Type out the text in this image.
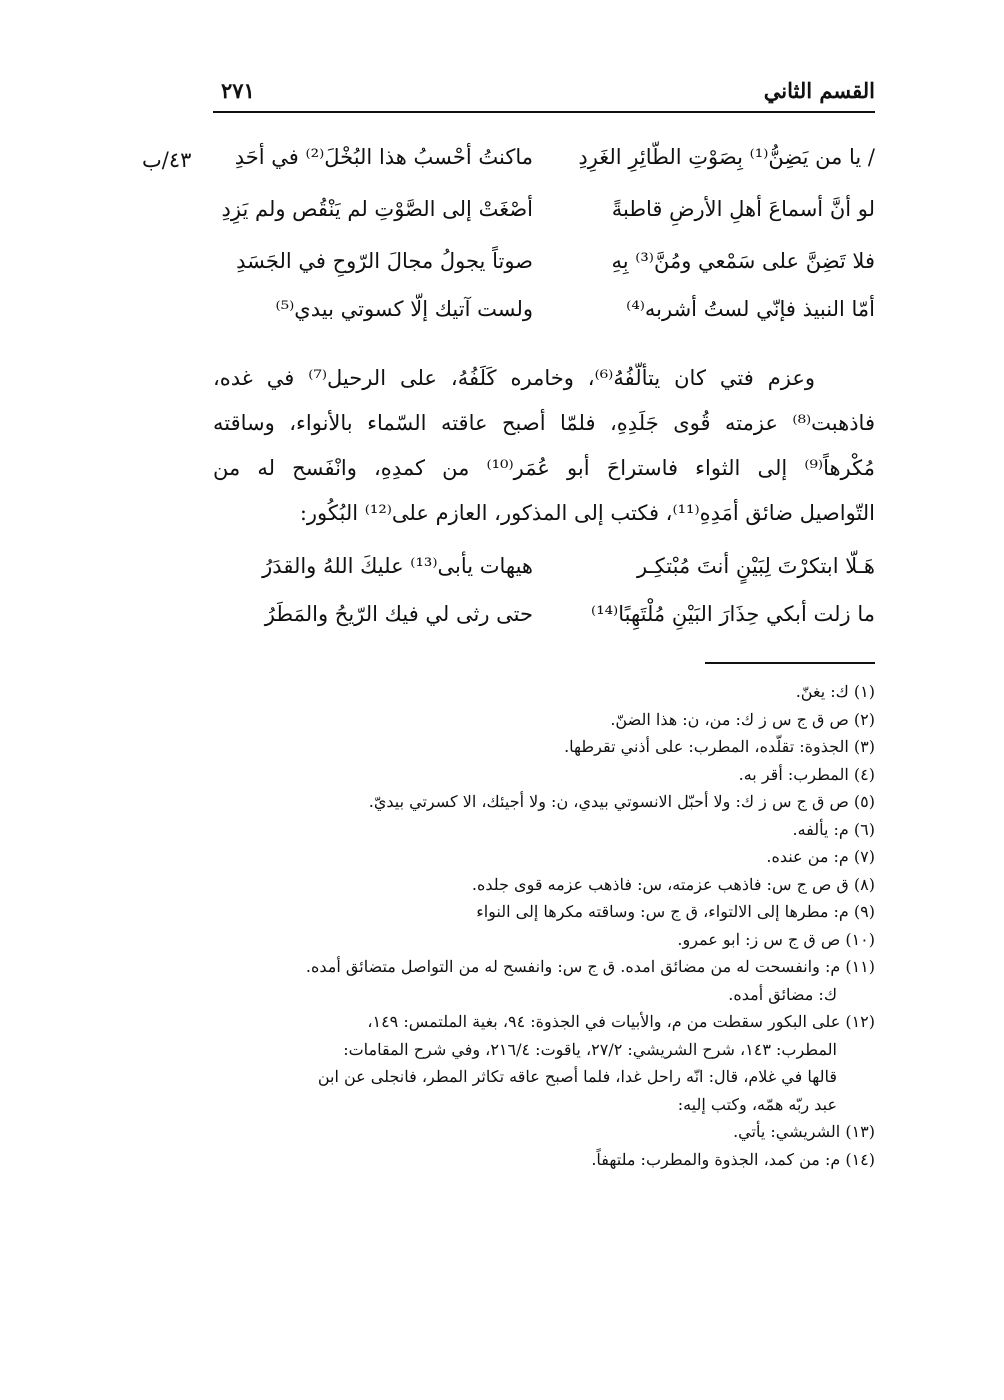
القسم الثاني
٢٧١
٤٣/ب	/ يا من يَضِنُّ⁽¹⁾ بِصَوْتِ الطّائِرِ الغَرِدِ
ماكنتُ أحْسبُ هذا البُخْلَ⁽²⁾ في أحَدِ
لو أنَّ أسماعَ أهلِ الأرضِ قاطبةً
أصْغَتْ إلى الصَّوْتِ لم يَنْقُص ولم يَزِدِ
فلا تَضِنَّ على سَمْعي ومُنَّ⁽³⁾ بِهِ
صوتاً يجولُ مجالَ الرّوحِ في الجَسَدِ
أمّا النبيذ فإنّي لستُ أشربه⁽⁴⁾
ولست آتيك إلّا كسوتي بيدي⁽⁵⁾
وعزم فتي كان يتألّفُهُ⁽⁶⁾، وخامره كَلَفُهُ، على الرحيل⁽⁷⁾ في غده،
فاذهبت⁽⁸⁾ عزمته قُوى جَلَدِهِ، فلمّا أصبح عاقته السّماء بالأنواء، وساقته
مُكْرهاً⁽⁹⁾ إلى الثواء فاستراحَ أبو عُمَر⁽¹⁰⁾ من كمدِهِ، وانْفَسح له من
التّواصيل ضائق أمَدِهِ⁽¹¹⁾، فكتب إلى المذكور، العازم على⁽¹²⁾ البُكُور:
هَـلّا ابتكرْتَ لِبَيْنٍ أنتَ مُبْتكِـر
هيهات يأبى⁽¹³⁾ عليكَ اللهُ والقدَرُ
ما زلت أبكي حِذَارَ البَيْنِ مُلْتَهِبًا⁽¹⁴⁾
حتى رثى لي فيك الرّيحُ والمَطَرُ
(١) ك: يغنّ.
(٢) ص ق ج س ز ك: من، ن: هذا الضنّ.
(٣) الجذوة: تقلّده، المطرب: على أذني تقرطها.
(٤) المطرب: أقر به.
(٥) ص ق ج س ز ك: ولا أحبّل الانسوتي بيدي، ن: ولا أجيئك، الا كسرتي بيديّ.
(٦) م: يألفه.
(٧) م: من عنده.
(٨) ق ص ج س: فاذهب عزمته، س: فاذهب عزمه قوى جلده.
(٩) م: مطرها إلى الالتواء، ق ج س: وساقته مكرها إلى النواء
(١٠) ص ق ج س ز: ابو عمرو.
(١١) م: وانفسحت له من مضائق امده. ق ج س: وانفسح له من التواصل متضائق أمده.
ك: مضائق أمده.
(١٢) على البكور سقطت من م، والأبيات في الجذوة: ٩٤، بغية الملتمس: ١٤٩،
المطرب: ١٤٣، شرح الشريشي: ٢٧/٢، ياقوت: ٢١٦/٤، وفي شرح المقامات:
قالها في غلام، قال: انّه راحل غدا، فلما أصبح عاقه تكاثر المطر، فانجلى عن ابن
عبد ربّه همّه، وكتب إليه:
(١٣) الشريشي: يأتي.
(١٤) م: من كمد، الجذوة والمطرب: ملتهفاً.
